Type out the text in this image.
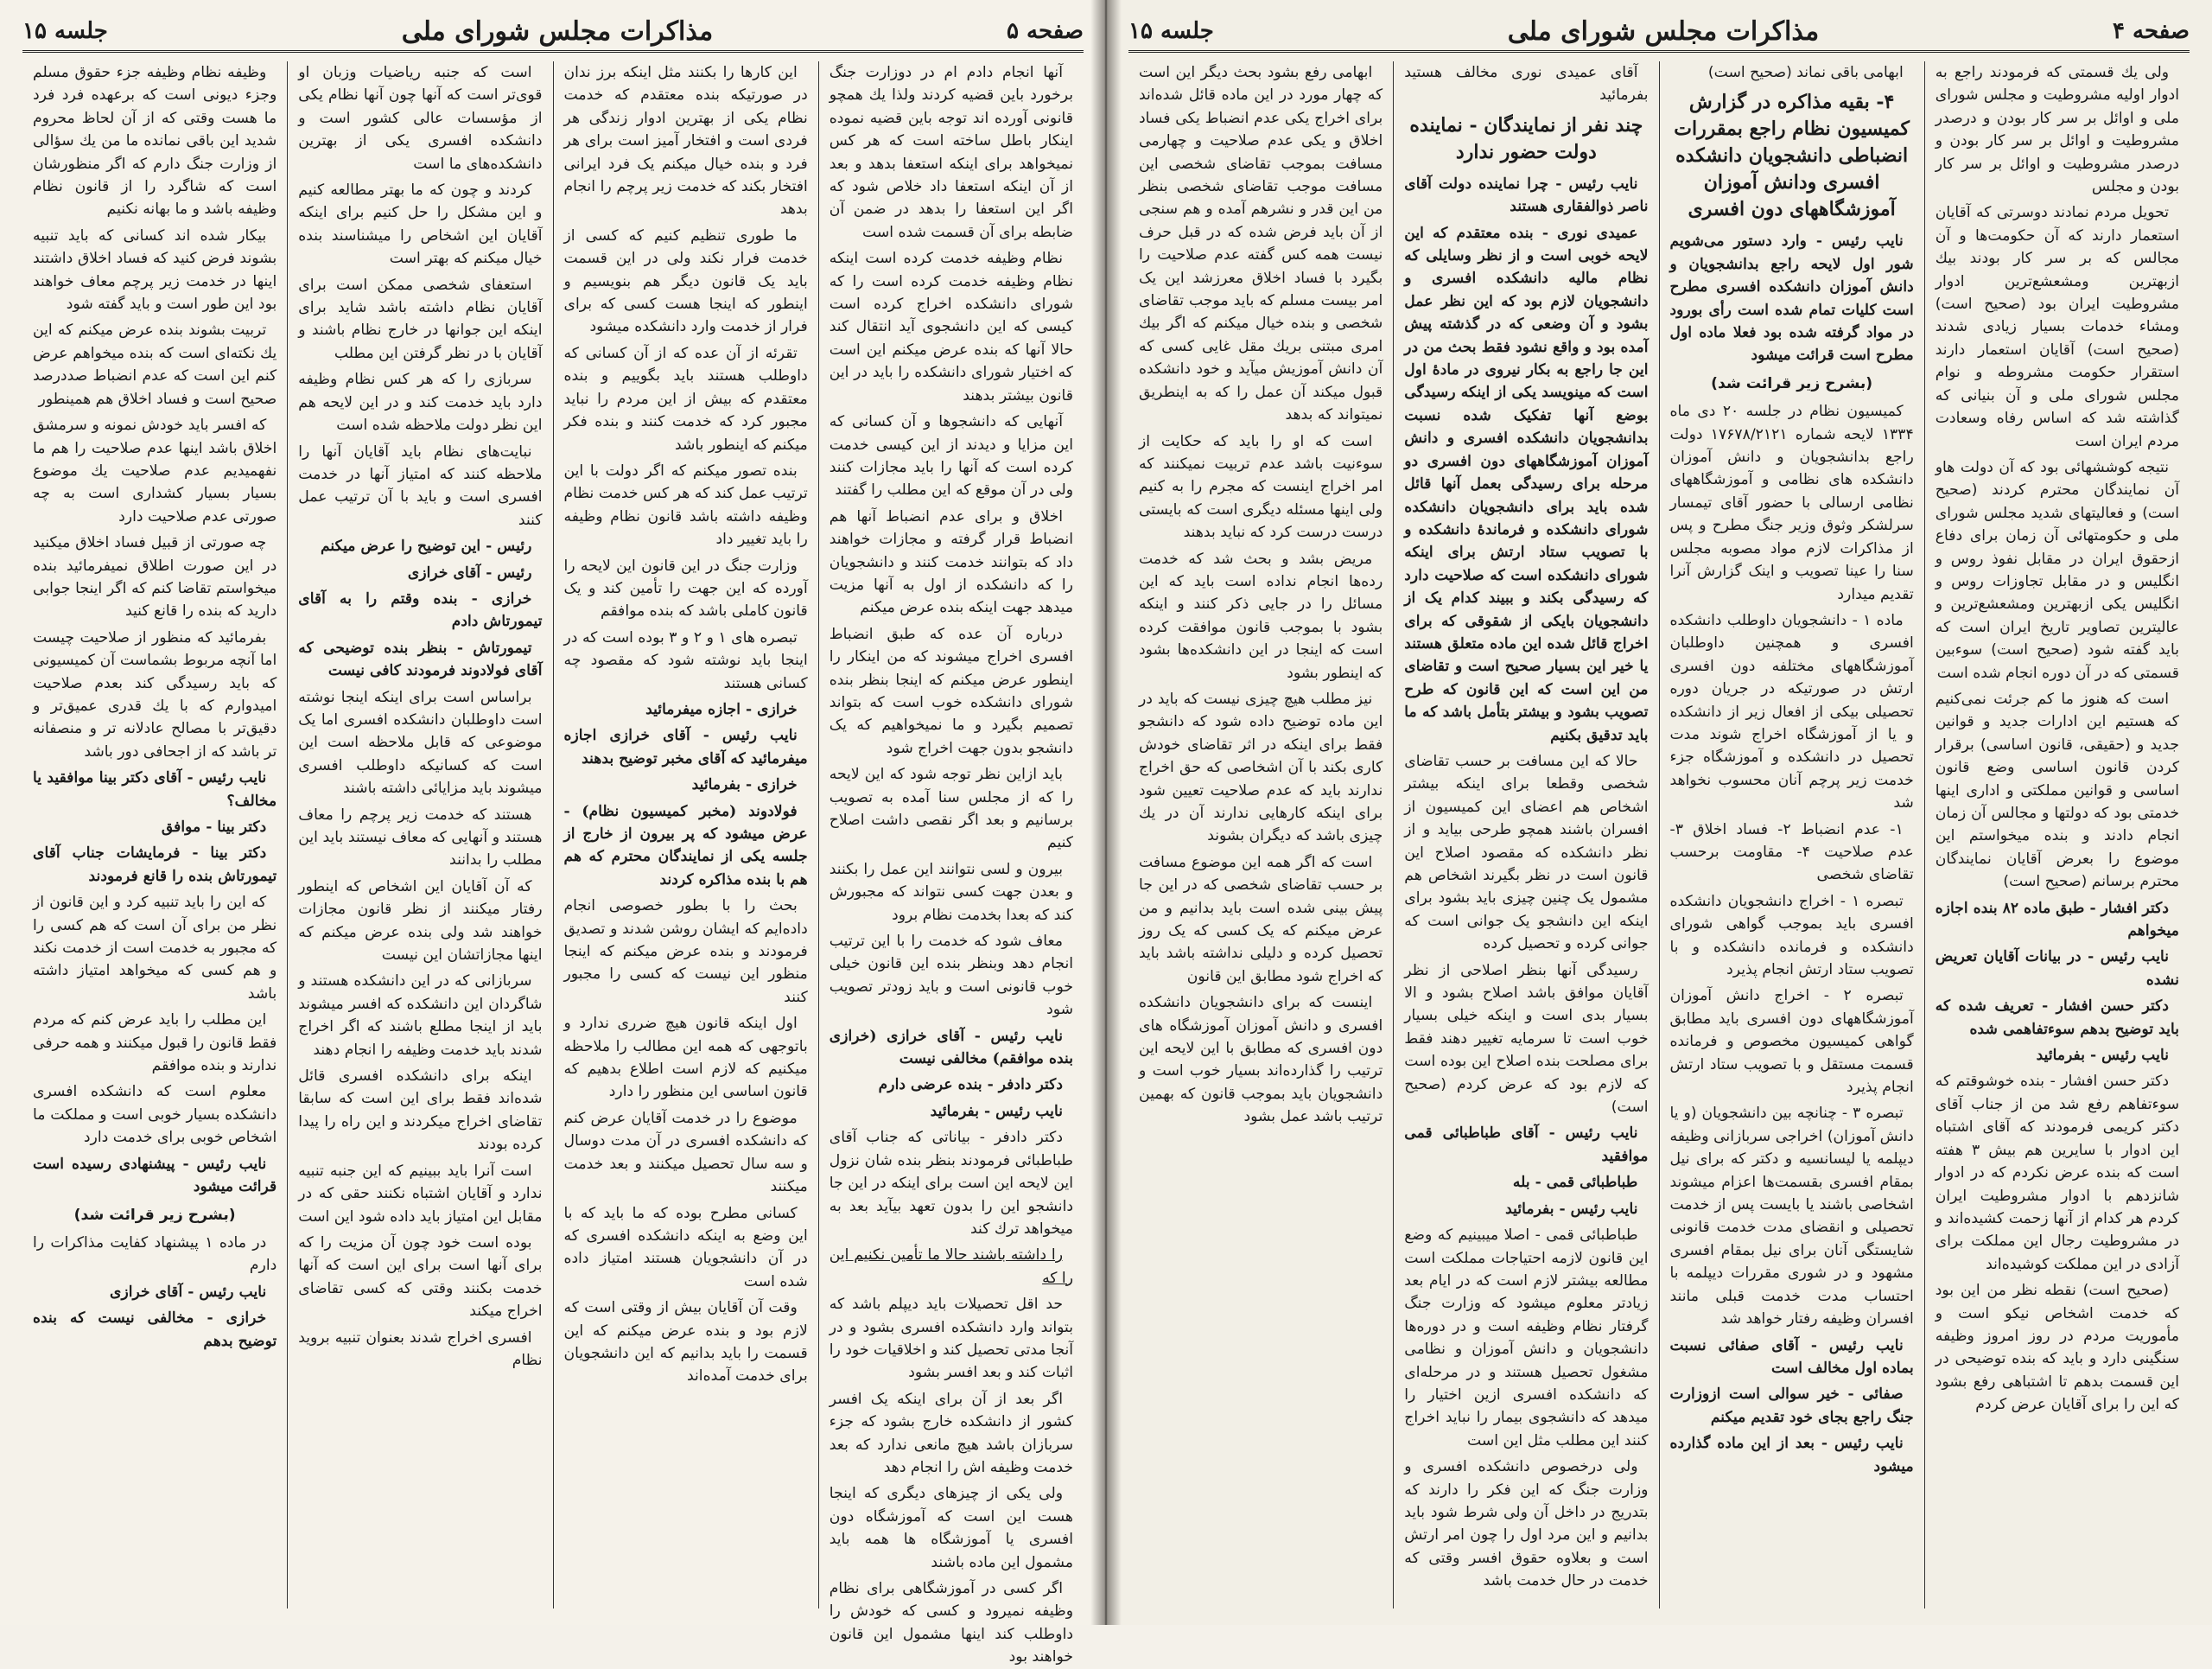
صفحه ۴
مذاکرات مجلس شورای ملی
جلسه ۱۵

ولی یك قسمتی که فرمودند راجع به ادوار اولیه مشروطیت و مجلس شورای ملی و اوائل بر سر کار بودن و درصدر مشروطیت و اوائل بر سر کار بودن و درصدر مشروطیت و اوائل بر سر کار بودن و مجلس

تحویل مردم نمادند دوسرتی که آقایان استعمار دارند که آن حکومت‌ها و آن مجالس که بر سر کار بودند بیك ازبهترین ومشعشع‌ترین ادوار مشروطیت ایران بود (صحیح است) ومشاء خدمات بسیار زیادی شدند (صحیح است) آقایان استعمار دارند استقرار حکومت مشروطه و نوام مجلس شورای ملی و آن بنیانی که گذاشته شد که اساس رفاه وسعادت مردم ایران است

نتیجه کوششهائی بود که آن دولت هاو آن نمایندگان محترم کردند (صحیح است) و فعالیتهای شدید مجلس شورای ملی و حکومتهائی آن زمان برای دفاع ازحقوق ایران در مقابل نفوذ روس و انگلیس و در مقابل تجاوزات روس و انگلیس یکی ازبهترین ومشعشع‌ترین و عالیترین تصاویر تاریخ ایران است که باید گفته شود (صحیح است) سوءبین قسمتی که در آن دوره انجام شده است

است که هنوز ما کم جرئت نمی‌کنیم که هستیم این ادارات جدید و قوانین جدید و (حقیقی، قانون اساسی) برقرار کردن قانون اساسی وضع قانون اساسی و قوانین مملکتی و اداری اینها خدمتی بود که دولتها و مجالس آن زمان انجام دادند و بنده میخواستم این موضوع را بعرض آقایان نمایندگان محترم برسانم (صحیح است)

دکتر افشار - طبق ماده ۸۲ بنده اجازه میخواهم

نایب رئیس - در بیانات آقایان تعریض نشده

دکتر حسن افشار - تعریف شده که باید توضیح بدهم سوءتفاهمی شده

نایب رئیس - بفرمائید

دکتر حسن افشار - بنده خوشوقتم که سوءتفاهم رفع شد من از جناب آقای دکتر کریمی فرمودند که آقای اشتباه این ادوار با سایرین هم بیش ۳ هفته است که بنده عرض نکردم که در ادوار شانزدهم با ادوار مشروطیت ایران کردم هر کدام از آنها زحمت کشیده‌اند و در مشروطیت رجال این مملکت برای آزادی در این مملکت کوشیده‌اند

(صحیح است) نقطه نظر من این بود که خدمت اشخاص نیکو است و مأموریت مردم در روز امروز وظیفه سنگینی دارد و باید که بنده توضیحی در این قسمت بدهم تا اشتباهی رفع بشود که این را برای آقایان عرض کردم

ابهامی باقی نماند (صحیح است)

۴- بقیه مذاکره در گزارش کمیسیون نظام راجع بمقررات انضباطی دانشجویان دانشکده افسری ودانش آموزان آموزشگاههای دون افسری

نایب رئیس - وارد دستور می‌شویم شور اول لایحه راجع بدانشجویان و دانش آموزان دانشکده افسری مطرح است کلیات تمام شده است رأی بورود در مواد گرفته شده بود فعلا ماده اول مطرح است قرائت میشود

(بشرح زیر قرائت شد)

کمیسیون نظام در جلسه ۲۰ دی ماه ۱۳۳۴ لایحه شماره ۱۷۶۷۸/۲۱۲۱ دولت راجع بدانشجویان و دانش آموزان دانشکده های نظامی و آموزشگاههای نظامی ارسالی با حضور آقای تیمسار سرلشکر وثوق وزیر جنگ مطرح و پس از مذاکرات لازم مواد مصوبه مجلس سنا را عینا تصویب و اینک گزارش آنرا تقدیم میدارد

ماده ۱ - دانشجویان داوطلب دانشکده افسری و همچنین داوطلبان آموزشگاههای مختلفه دون افسری ارتش در صورتیکه در جریان دوره تحصیلی بیکی از افعال زیر از دانشکده و یا از آموزشگاه اخراج شوند مدت تحصیل در دانشکده و آموزشگاه جزء خدمت زیر پرچم آنان محسوب نخواهد شد

۱- عدم انضباط ۲- فساد اخلاق ۳- عدم صلاحیت ۴- مقاومت برحسب تقاضای شخصی

تبصره ۱ - اخراج دانشجویان دانشکده افسری باید بموجب گواهی شورای دانشکده و فرمانده دانشکده و با تصویب ستاد ارتش انجام پذیرد

تبصره ۲ - اخراج دانش آموزان آموزشگاههای دون افسری باید مطابق گواهی کمیسیون مخصوص و فرمانده قسمت مستقل و با تصویب ستاد ارتش انجام پذیرد

تبصره ۳ - چنانچه بین دانشجویان (و یا دانش آموزان) اخراجی سربازانی وظیفه دیپلمه یا لیسانسیه و دکتر که برای نیل بمقام افسری بقسمت‌ها اعزام میشوند اشخاصی باشند یا بایست پس از خدمت تحصیلی و انقضای مدت خدمت قانونی شایستگی آنان برای نیل بمقام افسری مشهود و در شوری مقررات دیپلمه با احتساب مدت خدمت قبلی مانند افسران وظیفه رفتار خواهد شد

نایب رئیس - آقای صفائی نسبت بماده اول مخالف است

صفائی - خیر سوالی است ازوزارت جنگ راجع بجای خود تقدیم میکنم

نایب رئیس - بعد از این ماده گذارده میشود

آقای عمیدی نوری مخالف هستید بفرمائید

چند نفر از نمایندگان - نماینده دولت حضور ندارد

نایب رئیس - چرا نماینده دولت آقای ناصر ذوالفقاری هستند

عمیدی نوری - بنده معتقدم که این لایحه خوبی است و از نظر وسایلی که نظام مالیه دانشکده افسری و دانشجویان لازم بود که این نظر عمل بشود و آن وضعی که در گذشته پیش آمده بود و واقع نشود فقط بحث من در این جا راجع به بکار نیروی در مادهٔ اول است که مینویسد یکی از اینکه رسیدگی بوضع آنها تفکیک شده نسبت بدانشجویان دانشکده افسری و دانش آموزان آموزشگاههای دون افسری دو مرحله برای رسیدگی بعمل آنها قائل شده باید برای دانشجویان دانشکده شورای دانشکده و فرماندهٔ دانشکده و با تصویب ستاد ارتش برای اینکه شورای دانشکده است که صلاحیت دارد که رسیدگی بکند و ببیند کدام یک از دانشجویان بایکی از شقوقی که برای اخراج قائل شده این ماده متعلق هستند یا خیر این بسیار صحیح است و تقاضای من این است که این قانون که طرح تصویب بشود و بیشتر بتأمل باشد که ما باید تدقیق بکنیم

حالا که این مسافت بر حسب تقاضای شخصی وقطعا برای اینکه بیشتر اشخاص هم اعضای این کمیسیون از افسران باشند همچو طرحی بیاید و از نظر دانشکده که مقصود اصلاح این قانون است در نظر بگیرند اشخاص هم مشمول یک چنین چیزی باید بشود برای اینکه این دانشجو یک جوانی است که جوانی کرده و تحصیل کرده

رسیدگی آنها بنظر اصلاحی از نظر آقایان موافق باشد اصلاح بشود و الا بسیار بدی است و اینکه خیلی بسیار خوب است تا سرمایه تغییر دهند فقط برای مصلحت بنده اصلاح این بوده است که لازم بود که عرض کردم (صحیح است)

نایب رئیس - آقای طباطبائی قمی موافقید

طباطبائی قمی - بله

نایب رئیس - بفرمائید

طباطبائی قمی - اصلا میبینیم که وضع این قانون لازمه احتیاجات مملکت است مطالعه بیشتر لازم است که در ایام بعد زیادتر معلوم میشود که وزارت جنگ گرفتار نظام وظیفه است و در دوره‌ها دانشجویان و دانش آموزان و نظامی مشغول تحصیل هستند و در مرحله‌ای که دانشکده افسری ازین اختیار را میدهد که دانشجوی بیمار را نباید اخراج کنند این مطلب مثل این است

ولی درخصوص دانشکده افسری و وزارت جنگ که این فکر را دارند که بتدریج در داخل آن ولی شرط شود باید بدانیم و این مرد اول را چون امر ارتش است و بعلاوه حقوق افسر وقتی که خدمت در حال خدمت باشد

ابهامی رفع بشود بحث دیگر این است که چهار مورد در این ماده قائل شده‌اند برای اخراج یکی عدم انضباط یکی فساد اخلاق و یکی عدم صلاحیت و چهارمی مسافت بموجب تقاضای شخصی این مسافت موجب تقاضای شخصی بنظر من این قدر و نشرهم آمده و هم سنجی از آن باید فرض شده که در قبل حرف نیست همه کس گفته عدم صلاحیت را بگیرد با فساد اخلاق معرزشد این یک امر بیست مسلم که باید موجب تقاضای شخصی و بنده خیال میکنم که اگر بیك امری مبتنی بریك مقل غایی کسی که آن دانش آموزیش میآید و خود دانشکده قبول میکند آن عمل را که به اینطریق نمیتواند که بدهد

است که او را باید که حکایت از سوءنیت باشد عدم تربیت نمیکنند که امر اخراج اینست که مجرم را به کنیم ولی اینها مسئله دیگری است که بایستی درست درست کرد که نباید بدهند

مریض بشد و بحث شد که خدمت رده‌ها انجام نداده است باید که این مسائل را در جایی ذکر کنند و اینکه بشود با بموجب قانون موافقت کرده است که اینجا در این دانشکده‌ها بشود که اینطور بشود

نیز مطلب هیچ چیزی نیست که باید در این ماده توضیح داده شود که دانشجو فقط برای اینکه در اثر تقاضای خودش کاری بکند با آن اشخاصی که حق اخراج ندارند باید که عدم صلاحیت تعیین شود برای اینکه کارهایی ندارند آن در یك چیزی باشد که دیگران بشوند

است که اگر همه این موضوع مسافت بر حسب تقاضای شخصی که در این جا پیش بینی شده است باید بدانیم و من عرض میکنم که یک کسی که یک روز تحصیل کرده و دلیلی نداشته باشد باید که اخراج شود مطابق این قانون

اینست که برای دانشجویان دانشکده افسری و دانش آموزان آموزشگاه های دون افسری که مطابق با این لایحه این ترتیب را گذارده‌اند بسیار خوب است و دانشجویان باید بموجب قانون که بهمین ترتیب باشد عمل بشود

صفحه ۵
مذاکرات مجلس شورای ملی
جلسه ۱۵

آنها انجام دادم ام در دوزارت جنگ برخورد باین قضیه کردند ولذا یك همچو قانونی آورده اند توجه باین قضیه نموده اینکار باطل ساخته است که هر کس نمیخواهد برای اینکه استعفا بدهد و بعد از آن اینکه استعفا داد خلاص شود که اگر این استعفا را بدهد در ضمن آن ضابطه برای آن قسمت شده است

نظام وظیفه خدمت کرده است اینکه نظام وظیفه خدمت کرده است را که شورای دانشکده اخراج کرده است کیسی که این دانشجوی آید انتقال کند حالا آنها که بنده عرض میکنم این است که اختیار شورای دانشکده را باید در این قانون بیشتر بدهند

آنهایی که دانشجوها و آن کسانی که این مزایا و دیدند از این کیسی خدمت کرده است که آنها را باید مجازات کنند ولی در آن موقع که این مطلب را گفتند

اخلاق و برای عدم انضباط آنها هم انضباط قرار گرفته و مجازات خواهند داد که بتوانند خدمت کنند و دانشجویان را که دانشکده از اول به آنها مزیت میدهد جهت اینکه بنده عرض میکنم

درباره آن عده که طبق انضباط افسری اخراج میشوند که من اینکار را اینطور عرض میکنم که اینجا بنظر بنده شورای دانشکده خوب است که بتواند تصمیم بگیرد و ما نمیخواهیم که یک دانشجو بدون جهت اخراج شود

باید ازاین نظر توجه شود که این لایحه را که از مجلس سنا آمده به تصویب برسانیم و بعد اگر نقصی داشت اصلاح کنیم

بیرون و لسی نتوانند این عمل را بکنند و بعدن جهت کسی نتواند که مجبورش کند که بعدا بخدمت نظام برود

معاف شود که خدمت را با این ترتیب انجام دهد وبنظر بنده این قانون خیلی خوب قانونی است و باید زودتر تصویب شود

نایب رئیس - آقای خرازی (خرازی بنده موافقم) مخالفی نیست

دکتر دادفر - بنده عرضی دارم

نایب رئیس - بفرمائید

دکتر دادفر - بیاناتی که جناب آقای طباطبائی فرمودند بنظر بنده شان نزول این لایحه این است برای اینکه در این جا دانشجو این را بدون تعهد بیآید بعد به میخواهد ترك کند

را داشته باشند حالا ما تأمین نکنیم این را که

حد اقل تحصیلات باید دیپلم باشد که بتواند وارد دانشکده افسری بشود و در آنجا مدتی تحصیل کند و اخلاقیات خود را اثبات کند و بعد افسر بشود

اگر بعد از آن برای اینکه یک افسر کشور از دانشکده خارج بشود که جزء سربازان باشد هیچ مانعی ندارد که بعد خدمت وظیفه اش را انجام دهد

ولی یکی از چیزهای دیگری که اینجا هست این است که آموزشگاه دون افسری یا آموزشگاه ها همه باید مشمول این ماده باشند

اگر کسی در آموزشگاهی برای نظام وظیفه نمیرود و کسی که خودش را داوطلب کند اینها مشمول این قانون خواهند بود

این کارها را بکنند مثل اینکه برز ندان در صورتیکه بنده معتقدم که خدمت نظام یکی از بهترین ادوار زندگی هر فردی است و افتخار آمیز است برای هر فرد و بنده خیال میکنم یک فرد ایرانی افتخار بکند که خدمت زیر پرچم را انجام بدهد

ما طوری تنظیم کنیم که کسی از خدمت فرار نکند ولی در این قسمت باید یک قانون دیگر هم بنویسیم و اینطور که اینجا هست کسی که برای فرار از خدمت وارد دانشکده میشود

تقرئه از آن عده که از آن کسانی که داوطلب هستند باید بگوییم و بنده معتقدم که بیش از این مردم را نباید مجبور کرد که خدمت کنند و بنده فکر میکنم که اینطور باشد

بنده تصور میکنم که اگر دولت با این ترتیب عمل کند که هر کس خدمت نظام وظیفه داشته باشد قانون نظام وظیفه را باید تغییر داد

وزارت جنگ در این قانون این لایحه را آورده که این جهت را تأمین کند و یک قانون کاملی باشد که بنده موافقم

تبصره های ۱ و ۲ و ۳ بوده است که در اینجا باید نوشته شود که مقصود چه کسانی هستند

خرازی - اجازه میفرمائید

نایب رئیس - آقای خرازی اجازه میفرمائید که آقای مخبر توضیح بدهند

خرازی - بفرمائید

فولادوند (مخبر کمیسیون نظام) - عرض میشود که پر بیرون از خارج از جلسه یکی از نمایندگان محترم که هم هم با بنده مذاکره کردند

بحث را با بطور خصوصی انجام داده‌ایم که ایشان روشن شدند و تصدیق فرمودند و بنده عرض میکنم که اینجا منظور این نیست که کسی را مجبور کنند

اول اینکه قانون هیچ ضرری ندارد و باتوجهی که همه این مطالب را ملاحظه میکنیم که لازم است اطلاع بدهیم که قانون اساسی این منظور را دارد

موضوع را در خدمت آقایان عرض کنم که دانشکده افسری در آن مدت دوسال و سه سال تحصیل میکنند و بعد خدمت میکنند

کسانی مطرح بوده که ما باید که با این وضع به اینکه دانشکده افسری که در آن دانشجویان هستند امتیاز داده شده است

وقت آن آقایان بیش از وقتی است که لازم بود و بنده عرض میکنم که این قسمت را باید بدانیم که این دانشجویان برای خدمت آمده‌اند

است که جنبه ریاضیات وزبان او قوی‌تر است که آنها چون آنها نظام یکی از مؤسسات عالی کشور است و دانشکده افسری یکی از بهترین دانشکده‌های ما است

کردند و چون که ما بهتر مطالعه کنیم و این مشکل را حل کنیم برای اینکه آقایان این اشخاص را میشناسند بنده خیال میکنم که بهتر است

استعفای شخصی ممکن است برای آقایان نظام داشته باشد شاید برای اینکه این جوانها در خارج نظام باشند و آقایان با در نظر گرفتن این مطلب

سربازی را که هر کس نظام وظیفه دارد باید خدمت کند و در این لایحه هم این نظر دولت ملاحظه شده است

نبایت‌های نظام باید آقایان آنها را ملاحظه کنند که امتیاز آنها در خدمت افسری است و باید با آن ترتیب عمل کنند

رئیس - این توضیح را عرض میکنم

رئیس - آقای خرازی

خرازی - بنده وقتم را به آقای تیمورتاش دادم

تیمورتاش - بنظر بنده توضیحی که آقای فولادوند فرمودند کافی نیست

براساس است برای اینکه اینجا نوشته است داوطلبان دانشکده افسری اما یک موضوعی که قابل ملاحظه است این است که کسانیکه داوطلب افسری میشوند باید مزایائی داشته باشند

هستند که خدمت زیر پرچم را معاف هستند و آنهایی که معاف نیستند باید این مطلب را بدانند

که آن آقایان این اشخاص که اینطور رفتار میکنند از نظر قانون مجازات خواهند شد ولی بنده عرض میکنم که اینها مجازاتشان این نیست

سربازانی که در این دانشکده هستند و شاگردان این دانشکده که افسر میشوند باید از اینجا مطلع باشند که اگر اخراج شدند باید خدمت وظیفه را انجام دهند

اینکه برای دانشکده افسری قائل شده‌اند فقط برای این است که سابقا تقاضای اخراج میکردند و این راه را پیدا کرده بودند

است آنرا باید ببینیم که این جنبه تنبیه ندارد و آقایان اشتباه نکنند حقی که در مقابل این امتیاز باید داده شود این است

بوده است خود چون آن مزیت را که برای آنها است برای این است که آنها خدمت بکنند وقتی که کسی تقاضای اخراج میکند

افسری اخراج شدند بعنوان تنبیه بروید نظام

وظیفه نظام وظیفه جزء حقوق مسلم وجزء دیونی است که برعهده فرد فرد ما هست وقتی که از آن لحاظ محروم شدید این باقی نمانده ما من یك سؤالی از وزارت جنگ دارم که اگر منظورشان است که شاگرد را از قانون نظام وظیفه باشد و ما بهانه نکنیم

بیکار شده اند کسانی که باید تنبیه بشوند فرض کنید که فساد اخلاق داشتند اینها در خدمت زیر پرچم معاف خواهند بود این طور است و باید گفته شود

تربیت بشوند بنده عرض میکنم که این یك نکته‌ای است که بنده میخواهم عرض کنم این است که عدم انضباط صددرصد صحیح است و فساد اخلاق هم همینطور

که افسر باید خودش نمونه و سرمشق اخلاق باشد اینها عدم صلاحیت را هم ما نفهمیدیم عدم صلاحیت یك موضوع بسیار بسیار کشداری است به چه صورتی عدم صلاحیت دارد

چه صورتی از قبیل فساد اخلاق میکنید در این صورت اطلاق نمیفرمائید بنده میخواستم تقاضا کنم که اگر اینجا جوابی دارید که بنده را قانع کنید

بفرمائید که منظور از صلاحیت چیست اما آنچه مربوط بشماست آن کمیسیونی که باید رسیدگی کند بعدم صلاحیت امیدوارم که با یك قدری عمیق‌تر و دقیق‌تر با مصالح عادلانه تر و منصفانه تر باشد که از اجحافی دور باشد

نایب رئیس - آقای دکتر بینا موافقید یا مخالف؟

دکتر بینا - موافق

دکتر بینا - فرمایشات جناب آقای تیمورتاش بنده را قانع فرمودند

که این را باید تنبیه کرد و این قانون از نظر من برای آن است که هم کسی را که مجبور به خدمت است از خدمت نکند و هم کسی که میخواهد امتیاز داشته باشد

این مطلب را باید عرض کنم که مردم فقط قانون را قبول میکنند و همه حرفی ندارند و بنده موافقم

معلوم است که دانشکده افسری دانشکده بسیار خوبی است و مملکت ما اشخاص خوبی برای خدمت دارد

نایب رئیس - پیشنهادی رسیده است قرائت میشود

(بشرح زیر قرائت شد)

در ماده ۱ پیشنهاد کفایت مذاکرات را دارم

نایب رئیس - آقای خرازی

خرازی - مخالفی نیست که بنده توضیح بدهم
